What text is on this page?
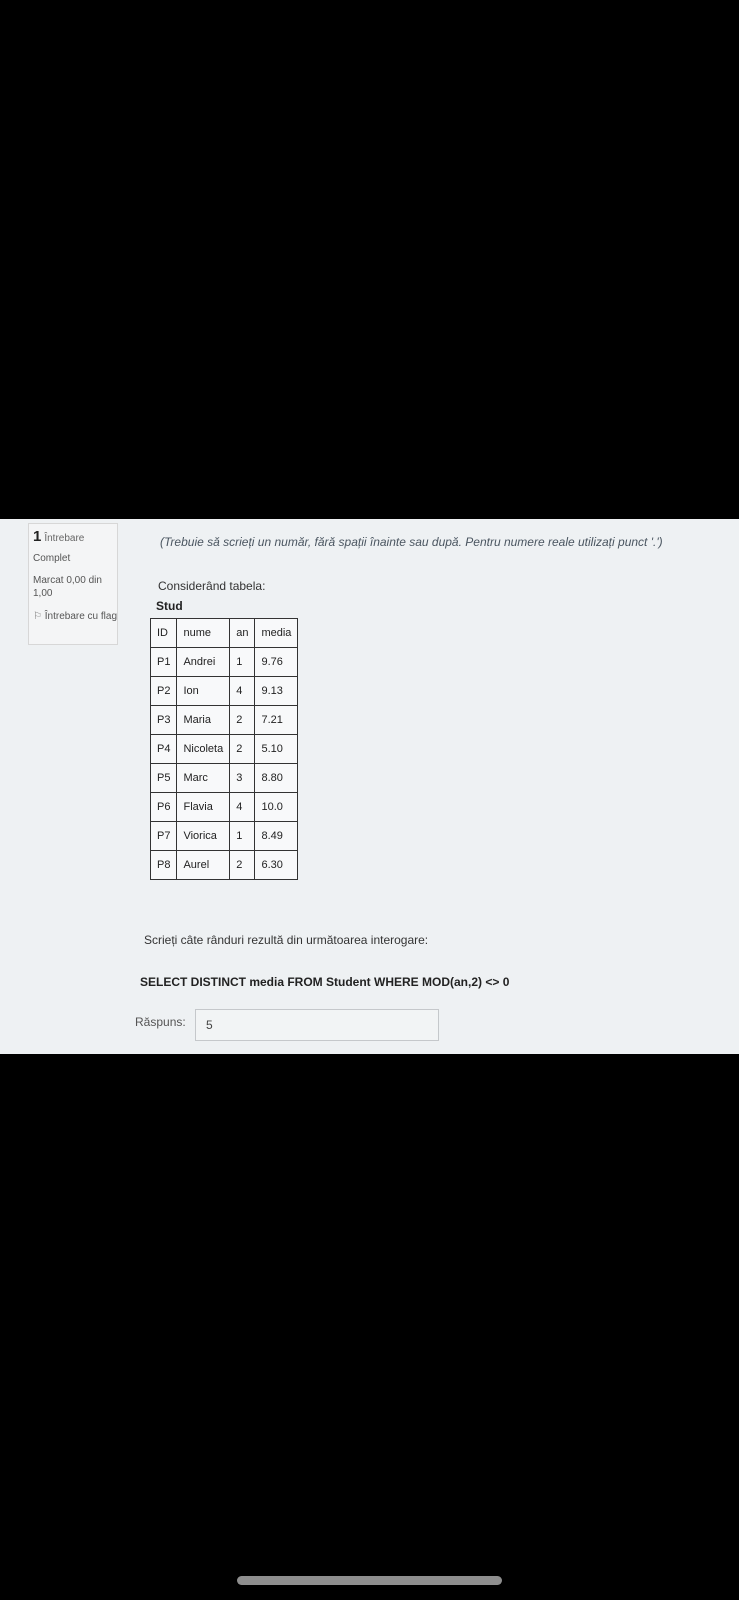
1 Întrebare
Complet
Marcat 0,00 din 1,00
⚐ Întrebare cu flag
(Trebuie să scrieți un număr, fără spații înainte sau după. Pentru numere reale utilizați punct '.')
Considerând tabela:
Stud
ID	nume	an	media
P1	Andrei	1	9.76
P2	Ion	4	9.13
P3	Maria	2	7.21
P4	Nicoleta	2	5.10
P5	Marc	3	8.80
P6	Flavia	4	10.0
P7	Viorica	1	8.49
P8	Aurel	2	6.30
Scrieți câte rânduri rezultă din următoarea interogare:
SELECT DISTINCT media FROM Student WHERE MOD(an,2) <> 0
Răspuns:
5
